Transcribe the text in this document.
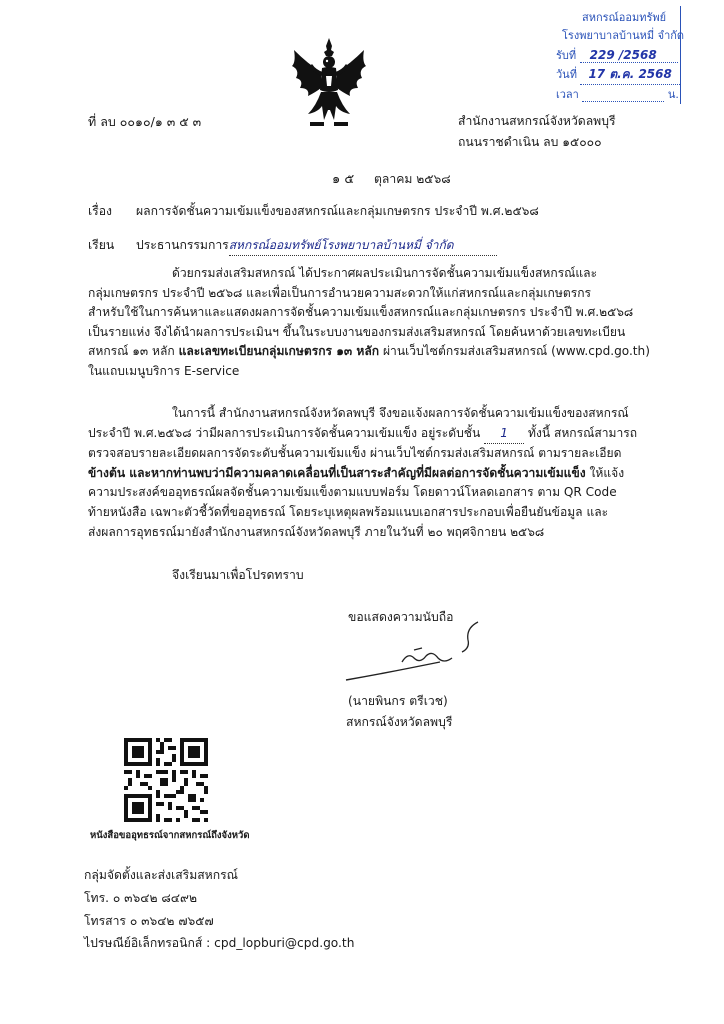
สหกรณ์ออมทรัพย์
โรงพยาบาลบ้านหมี่ จำกัด
รับที่ 229 /2568
วันที่ 17 ต.ค. 2568
เวลา	น.
ที่ ลบ ๐๐๑๐/๑ ๓ ๕ ๓	สำนักงานสหกรณ์จังหวัดลพบุรี
ถนนราชดำเนิน ลบ ๑๕๐๐๐
๑ ๕ ตุลาคม ๒๕๖๘
เรื่อง ผลการจัดชั้นความเข้มแข็งของสหกรณ์และกลุ่มเกษตรกร ประจำปี พ.ศ.๒๕๖๘
เรียน ประธานกรรมการสหกรณ์ออมทรัพย์โรงพยาบาลบ้านหมี่ จำกัด
ด้วยกรมส่งเสริมสหกรณ์ ได้ประกาศผลประเมินการจัดชั้นความเข้มแข็งสหกรณ์และ
กลุ่มเกษตรกร ประจำปี ๒๕๖๘ และเพื่อเป็นการอำนวยความสะดวกให้แก่สหกรณ์และกลุ่มเกษตรกร
สำหรับใช้ในการค้นหาและแสดงผลการจัดชั้นความเข้มแข็งสหกรณ์และกลุ่มเกษตรกร ประจำปี พ.ศ.๒๕๖๘
เป็นรายแห่ง จึงได้นำผลการประเมินฯ ขึ้นในระบบงานของกรมส่งเสริมสหกรณ์ โดยค้นหาด้วยเลขทะเบียน
สหกรณ์ ๑๓ หลัก และเลขทะเบียนกลุ่มเกษตรกร ๑๓ หลัก ผ่านเว็บไซต์กรมส่งเสริมสหกรณ์ (www.cpd.go.th)
ในแถบเมนูบริการ E-service
ในการนี้ สำนักงานสหกรณ์จังหวัดลพบุรี จึงขอแจ้งผลการจัดชั้นความเข้มแข็งของสหกรณ์
ประจำปี พ.ศ.๒๕๖๘ ว่ามีผลการประเมินการจัดชั้นความเข้มแข็ง อยู่ระดับชั้น 1 ทั้งนี้ สหกรณ์สามารถ
ตรวจสอบรายละเอียดผลการจัดระดับชั้นความเข้มแข็ง ผ่านเว็บไซต์กรมส่งเสริมสหกรณ์ ตามรายละเอียด
ข้างต้น และหากท่านพบว่ามีความคลาดเคลื่อนที่เป็นสาระสำคัญที่มีผลต่อการจัดชั้นความเข้มแข็ง ให้แจ้ง
ความประสงค์ขออุทธรณ์ผลจัดชั้นความเข้มแข็งตามแบบฟอร์ม โดยดาวน์โหลดเอกสาร ตาม QR Code
ท้ายหนังสือ เฉพาะตัวชี้วัดที่ขออุทธรณ์ โดยระบุเหตุผลพร้อมแนบเอกสารประกอบเพื่อยืนยันข้อมูล และ
ส่งผลการอุทธรณ์มายังสำนักงานสหกรณ์จังหวัดลพบุรี ภายในวันที่ ๒๐ พฤศจิกายน ๒๕๖๘
จึงเรียนมาเพื่อโปรดทราบ
ขอแสดงความนับถือ
(นายพินกร ตรีเวช)
สหกรณ์จังหวัดลพบุรี
หนังสือขออุทธรณ์จากสหกรณ์ถึงจังหวัด
กลุ่มจัดตั้งและส่งเสริมสหกรณ์
โทร. ๐ ๓๖๔๒ ๘๔๙๒
โทรสาร ๐ ๓๖๔๒ ๗๖๕๗
ไปรษณีย์อิเล็กทรอนิกส์ : cpd_lopburi@cpd.go.th
